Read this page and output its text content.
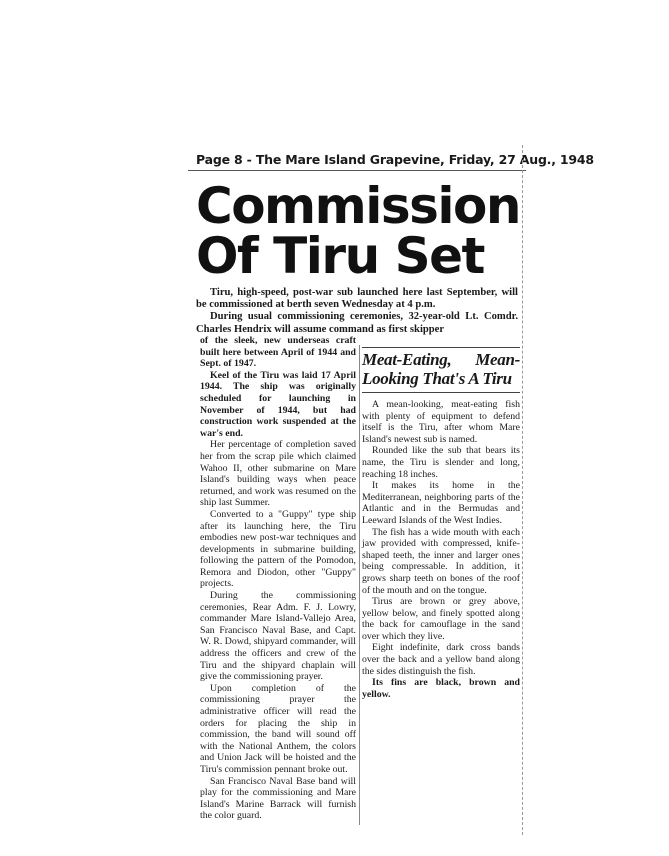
Page 8 - The Mare Island Grapevine, Friday, 27 Aug., 1948
Commission
Of Tiru Set

Tiru, high-speed, post-war sub launched here last September, will be commissioned at berth seven Wednesday at 4 p.m.

During usual commissioning ceremonies, 32-year-old Lt. Comdr. Charles Hendrix will assume command as first skipper

of the sleek, new underseas craft built here between April of 1944 and Sept. of 1947.

Keel of the Tiru was laid 17 April 1944. The ship was originally scheduled for launching in November of 1944, but had construction work suspended at the war's end.

Her percentage of completion saved her from the scrap pile which claimed Wahoo II, other submarine on Mare Island's building ways when peace returned, and work was resumed on the ship last Summer.

Converted to a "Guppy" type ship after its launching here, the Tiru embodies new post-war techniques and developments in submarine building, following the pattern of the Pomodon, Remora and Diodon, other "Guppy" projects.

During the commissioning ceremonies, Rear Adm. F. J. Lowry, commander Mare Island-Vallejo Area, San Francisco Naval Base, and Capt. W. R. Dowd, shipyard commander, will address the officers and crew of the Tiru and the shipyard chaplain will give the commissioning prayer.

Upon completion of the commissioning prayer the administrative officer will read the orders for placing the ship in commission, the band will sound off with the National Anthem, the colors and Union Jack will be hoisted and the Tiru's commission pennant broke out.

San Francisco Naval Base band will play for the commissioning and Mare Island's Marine Barrack will furnish the color guard.

Meat-Eating, Mean-Looking That's A Tiru

A mean-looking, meat-eating fish with plenty of equipment to defend itself is the Tiru, after whom Mare Island's newest sub is named.

Rounded like the sub that bears its name, the Tiru is slender and long, reaching 18 inches.

It makes its home in the Mediterranean, neighboring parts of the Atlantic and in the Bermudas and Leeward Islands of the West Indies.

The fish has a wide mouth with each jaw provided with compressed, knife-shaped teeth, the inner and larger ones being compressable. In addition, it grows sharp teeth on bones of the roof of the mouth and on the tongue.

Tirus are brown or grey above, yellow below, and finely spotted along the back for camouflage in the sand over which they live.

Eight indefinite, dark cross bands over the back and a yellow band along the sides distinguish the fish.

Its fins are black, brown and yellow.
